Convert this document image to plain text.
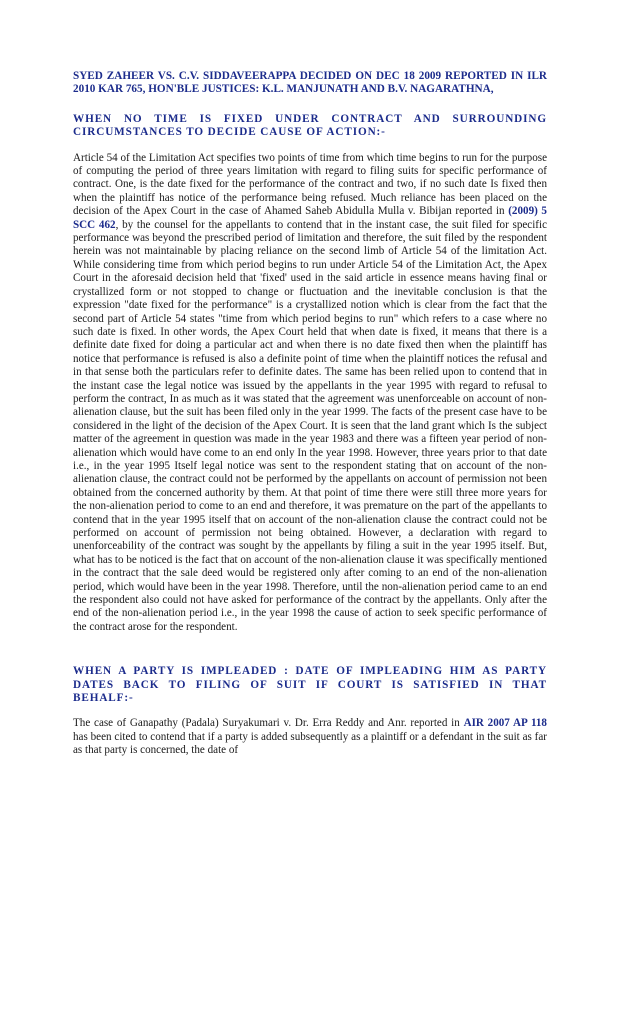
SYED ZAHEER VS. C.V. SIDDAVEERAPPA DECIDED ON DEC 18 2009 REPORTED IN ILR 2010 KAR 765, HON'BLE JUSTICES: K.L. MANJUNATH AND B.V. NAGARATHNA,

WHEN NO TIME IS FIXED UNDER CONTRACT AND SURROUNDING CIRCUMSTANCES TO DECIDE CAUSE OF ACTION:-

Article 54 of the Limitation Act specifies two points of time from which time begins to run for the purpose of computing the period of three years limitation with regard to filing suits for specific performance of contract. One, is the date fixed for the performance of the contract and two, if no such date Is fixed then when the plaintiff has notice of the performance being refused. Much reliance has been placed on the decision of the Apex Court in the case of Ahamed Saheb Abidulla Mulla v. Bibijan reported in (2009) 5 SCC 462, by the counsel for the appellants to contend that in the instant case, the suit filed for specific performance was beyond the prescribed period of limitation and therefore, the suit filed by the respondent herein was not maintainable by placing reliance on the second limb of Article 54 of the limitation Act. While considering time from which period begins to run under Article 54 of the Limitation Act, the Apex Court in the aforesaid decision held that 'fixed' used in the said article in essence means having final or crystallized form or not stopped to change or fluctuation and the inevitable conclusion is that the expression "date fixed for the performance" is a crystallized notion which is clear from the fact that the second part of Article 54 states "time from which period begins to run" which refers to a case where no such date is fixed. In other words, the Apex Court held that when date is fixed, it means that there is a definite date fixed for doing a particular act and when there is no date fixed then when the plaintiff has notice that performance is refused is also a definite point of time when the plaintiff notices the refusal and in that sense both the particulars refer to definite dates. The same has been relied upon to contend that in the instant case the legal notice was issued by the appellants in the year 1995 with regard to refusal to perform the contract, In as much as it was stated that the agreement was unenforceable on account of non-alienation clause, but the suit has been filed only in the year 1999. The facts of the present case have to be considered in the light of the decision of the Apex Court. It is seen that the land grant which Is the subject matter of the agreement in question was made in the year 1983 and there was a fifteen year period of non-alienation which would have come to an end only In the year 1998. However, three years prior to that date i.e., in the year 1995 Itself legal notice was sent to the respondent stating that on account of the non-alienation clause, the contract could not be performed by the appellants on account of permission not been obtained from the concerned authority by them. At that point of time there were still three more years for the non-alienation period to come to an end and therefore, it was premature on the part of the appellants to contend that in the year 1995 itself that on account of the non-alienation clause the contract could not be performed on account of permission not being obtained. However, a declaration with regard to unenforceability of the contract was sought by the appellants by filing a suit in the year 1995 itself. But, what has to be noticed is the fact that on account of the non-alienation clause it was specifically mentioned in the contract that the sale deed would be registered only after coming to an end of the non-alienation period, which would have been in the year 1998. Therefore, until the non-alienation period came to an end the respondent also could not have asked for performance of the contract by the appellants. Only after the end of the non-alienation period i.e., in the year 1998 the cause of action to seek specific performance of the contract arose for the respondent.

WHEN A PARTY IS IMPLEADED : DATE OF IMPLEADING HIM AS PARTY DATES BACK TO FILING OF SUIT IF COURT IS SATISFIED IN THAT BEHALF:-

The case of Ganapathy (Padala) Suryakumari v. Dr. Erra Reddy and Anr. reported in AIR 2007 AP 118 has been cited to contend that if a party is added subsequently as a plaintiff or a defendant in the suit as far as that party is concerned, the date of
